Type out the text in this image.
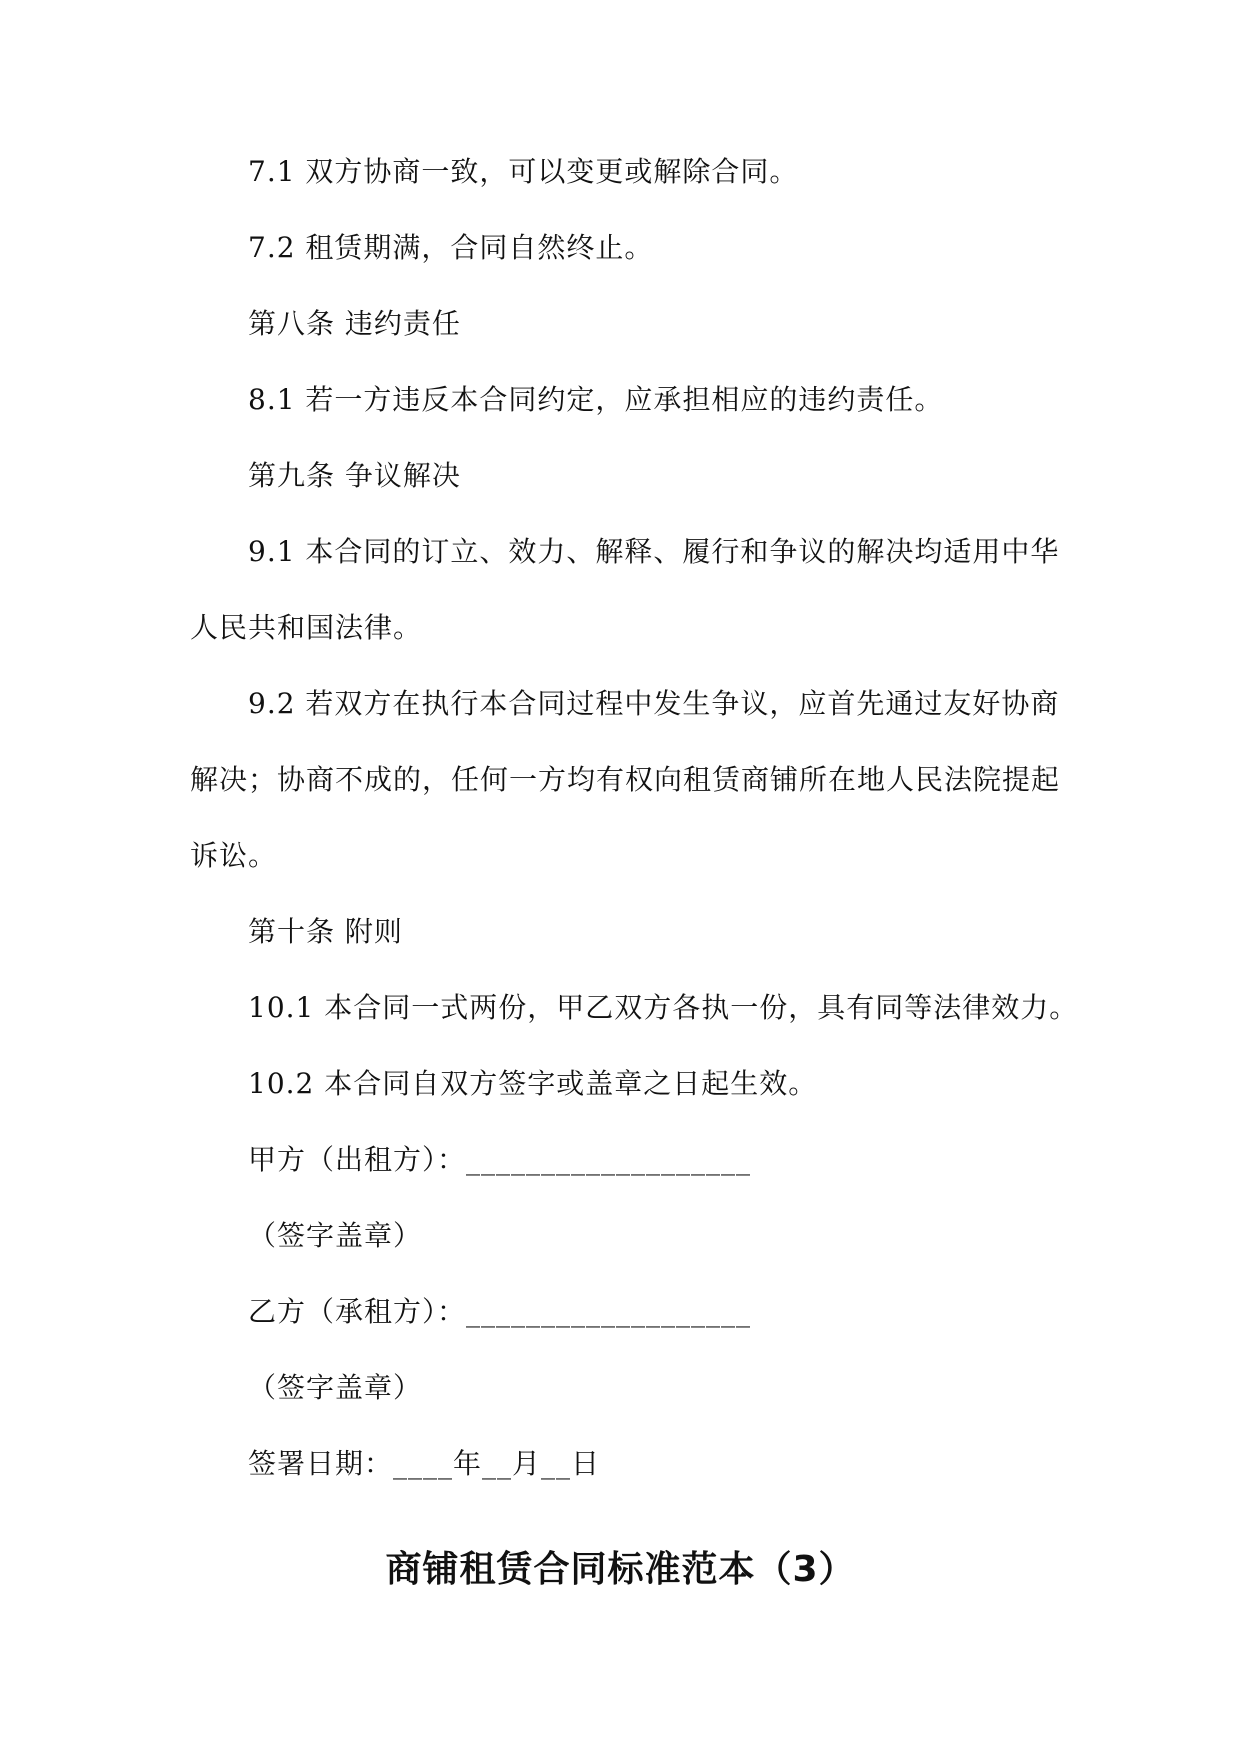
7.1 双方协商一致，可以变更或解除合同。
7.2 租赁期满，合同自然终止。
第八条 违约责任
8.1 若一方违反本合同约定，应承担相应的违约责任。
第九条 争议解决
9.1 本合同的订立、效力、解释、履行和争议的解决均适用中华
人民共和国法律。
9.2 若双方在执行本合同过程中发生争议，应首先通过友好协商
解决；协商不成的，任何一方均有权向租赁商铺所在地人民法院提起
诉讼。
第十条 附则
10.1 本合同一式两份，甲乙双方各执一份，具有同等法律效力。
10.2 本合同自双方签字或盖章之日起生效。
甲方（出租方）：___________________
（签字盖章）
乙方（承租方）：___________________
（签字盖章）
签署日期：____年__月__日
商铺租赁合同标准范本（3）
